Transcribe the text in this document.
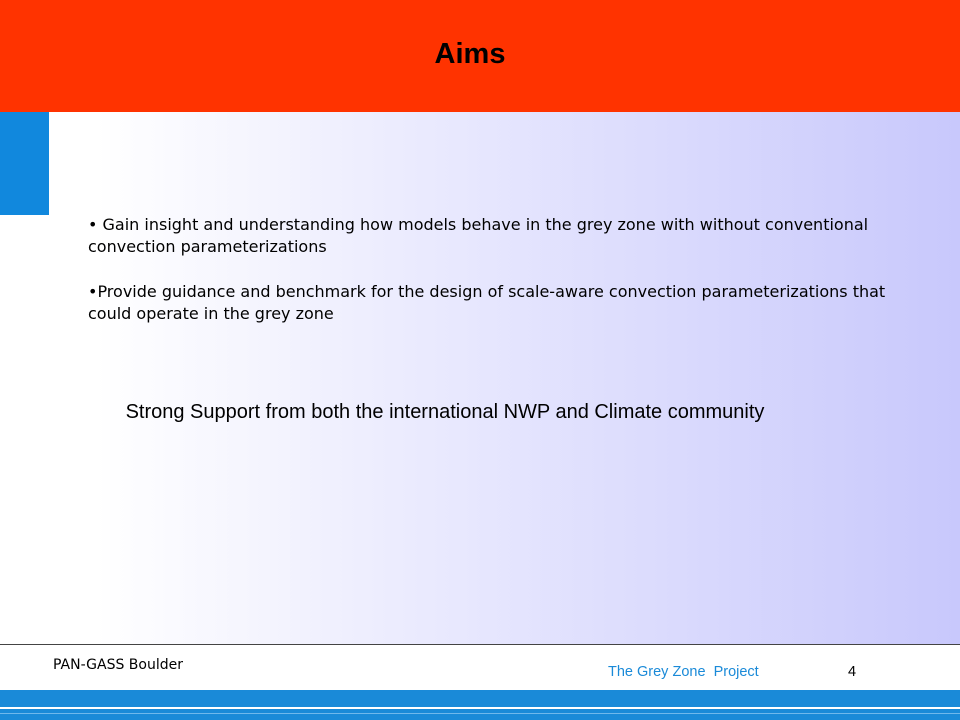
Aims

• Gain insight and understanding how models behave in the grey zone with without conventional convection parameterizations

•Provide guidance and benchmark for the design of scale-aware convection parameterizations that could operate in the grey zone

Strong Support from both the international NWP and Climate community
PAN-GASS Boulder	The Grey Zone  Project	4
